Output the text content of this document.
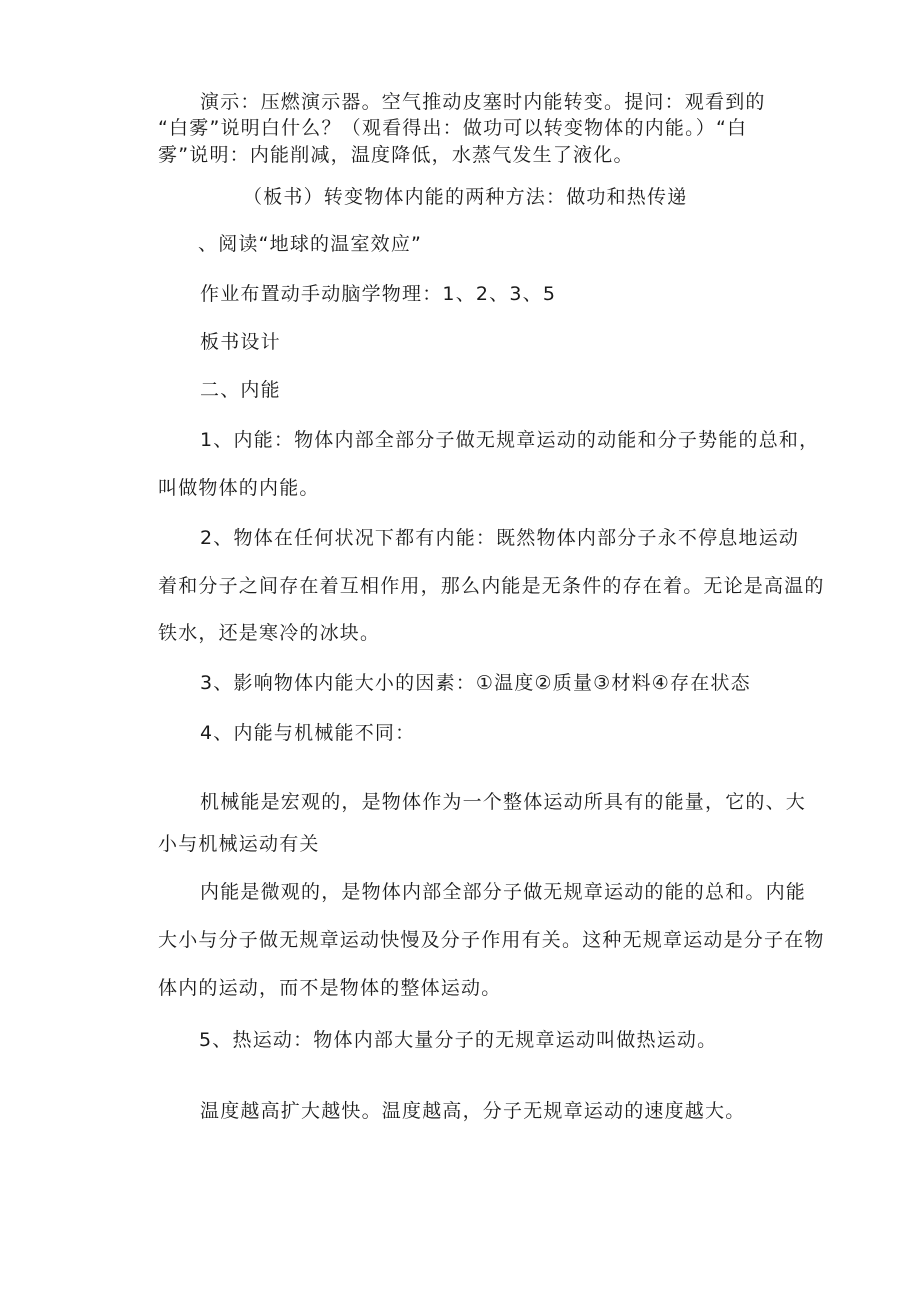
演示：压燃演示器。空气推动皮塞时内能转变。提问：观看到的
“白雾”说明白什么？（观看得出：做功可以转变物体的内能。）“白
雾”说明：内能削减，温度降低，水蒸气发生了液化。
（板书）转变物体内能的两种方法：做功和热传递
、阅读“地球的温室效应”
作业布置动手动脑学物理：1、2、3、5
板书设计
二、内能
1、内能：物体内部全部分子做无规章运动的动能和分子势能的总和，
叫做物体的内能。
2、物体在任何状况下都有内能：既然物体内部分子永不停息地运动
着和分子之间存在着互相作用，那么内能是无条件的存在着。无论是高温的
铁水，还是寒冷的冰块。
3、影响物体内能大小的因素：①温度②质量③材料④存在状态
4、内能与机械能不同：
机械能是宏观的，是物体作为一个整体运动所具有的能量，它的、大
小与机械运动有关
内能是微观的，是物体内部全部分子做无规章运动的能的总和。内能
大小与分子做无规章运动快慢及分子作用有关。这种无规章运动是分子在物
体内的运动，而不是物体的整体运动。
5、热运动：物体内部大量分子的无规章运动叫做热运动。
温度越高扩大越快。温度越高，分子无规章运动的速度越大。
